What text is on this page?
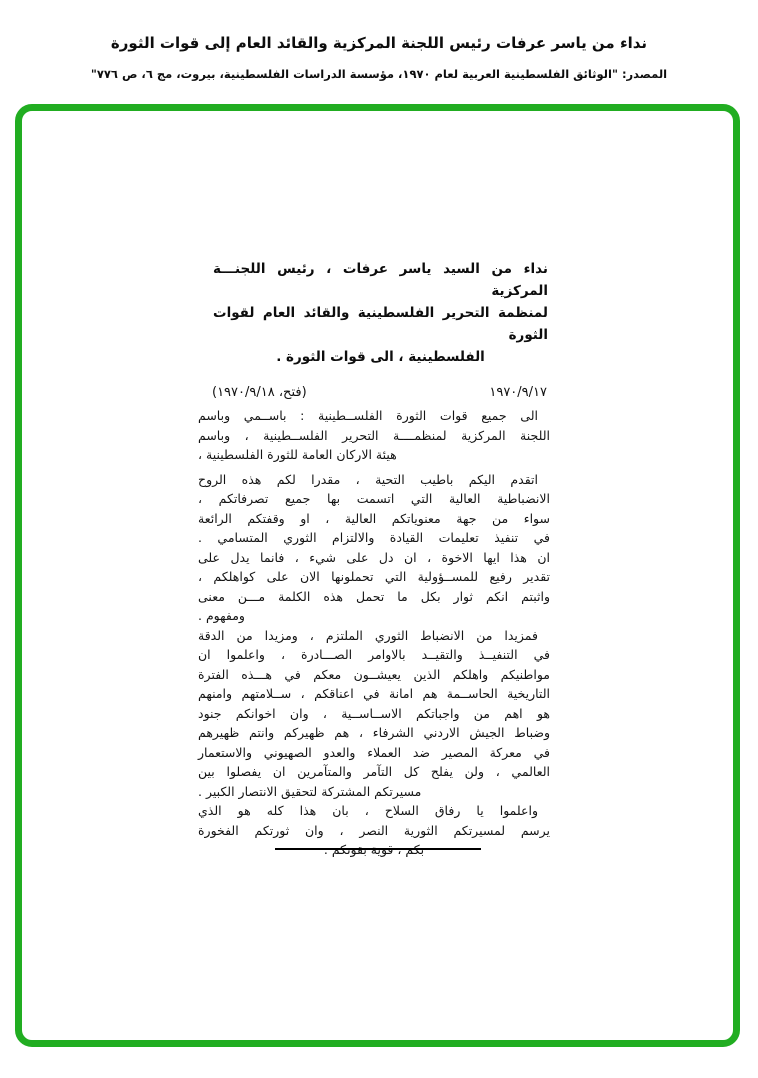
نداء من ياسر عرفات رئيس اللجنة المركزية والقائد العام إلى قوات الثورة
المصدر: "الوثائق الفلسطينية العربية لعام ١٩٧٠، مؤسسة الدراسات الفلسطينية، بيروت، مج ٦، ص ٧٧٦"
نداء من السيد ياسر عرفات ، رئيس اللجنـــة المركزية
لمنظمة التحرير الفلسطينية والقائد العام لقوات الثورة
الفلسطينية ، الى قوات الثورة .
١٩٧٠/٩/١٧
(فتح، ١٩٧٠/٩/١٨)
الى جميع قوات الثورة الفلســطينية : باســمي وباسم
اللجنة المركزية لمنظمــــة التحرير الفلســطينية ، وباسم
هيئة الاركان العامة للثورة الفلسطينية ،
اتقدم اليكم باطيب التحية ، مقدرا لكم هذه الروح
الانضباطية العالية التي اتسمت بها جميع تصرفاتكم ،
سواء من جهة معنوياتكم العالية ، او وقفتكم الرائعة
في تنفيذ تعليمات القيادة والالتزام الثوري المتسامي .
ان هذا ايها الاخوة ، ان دل على شيء ، فانما يدل على
تقدير رفيع للمســؤولية التي تحملونها الان على كواهلكم ،
واثبتم انكم ثوار بكل ما تحمل هذه الكلمة مـــن معنى
ومفهوم .
فمزيدا من الانضباط الثوري الملتزم ، ومزيدا من الدقة
في التنفيــذ والتقيــد بالاوامر الصـــادرة ، واعلموا ان
مواطنيكم واهلكم الذين يعيشــون معكم في هـــذه الفترة
التاريخية الحاســمة هم امانة في اعناقكم ، ســلامتهم وامنهم
هو اهم من واجباتكم الاســاســية ، وان اخوانكم جنود
وضباط الجيش الاردني الشرفاء ، هم ظهيركم وانتم ظهيرهم
في معركة المصير ضد العملاء والعدو الصهيوني والاستعمار
العالمي ، ولن يفلح كل التآمر والمتآمرين ان يفصلوا بين
مسيرتكم المشتركة لتحقيق الانتصار الكبير .
واعلموا يا رفاق السلاح ، بان هذا كله هو الذي
يرسم لمسيرتكم الثورية النصر ، وان ثورتكم الفخورة
